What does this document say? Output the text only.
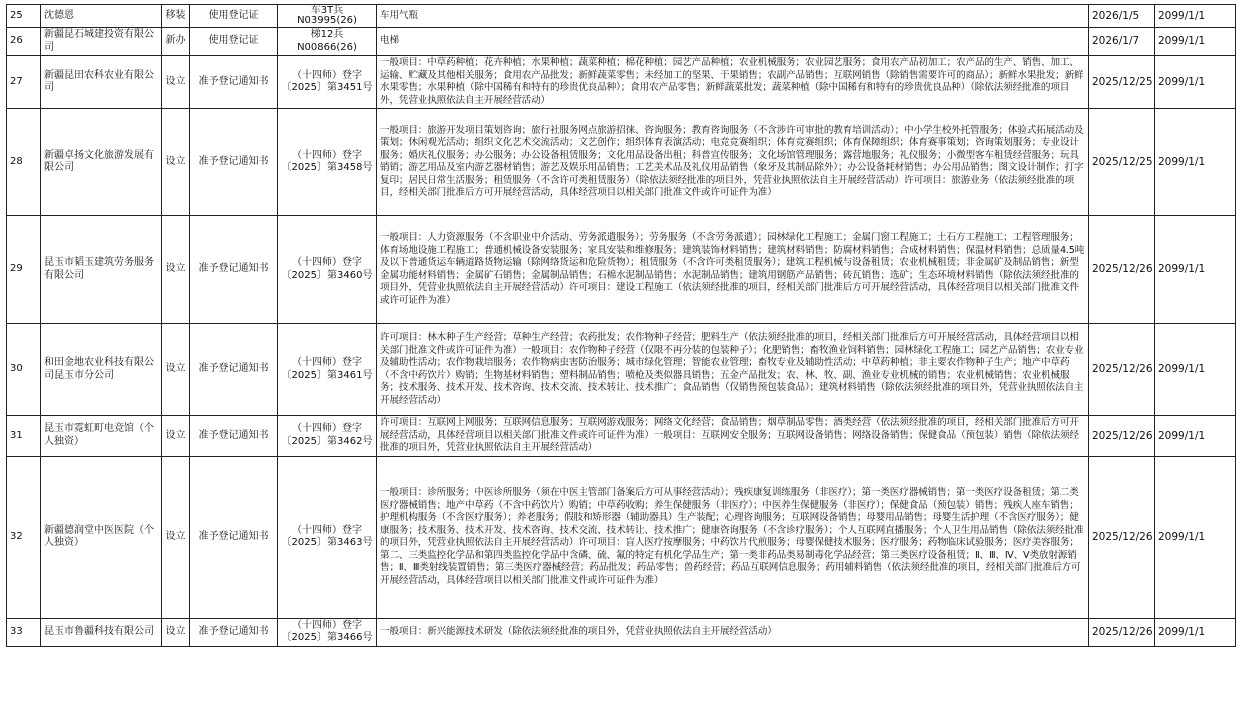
25	沈德恩	移装	使用登记证	车3T兵N03995(26)	车用气瓶	2026/1/5	2099/1/1
26	新疆昆石城建投资有限公司	新办	使用登记证	梯12兵N00866(26)	电梯	2026/1/7	2099/1/1
27	新疆昆田农科农业有限公司	设立	准予登记通知书	（十四师）登字〔2025〕第3451号	一般项目：中草药种植；花卉种植；水果种植；蔬菜种植；棉花种植；园艺产品种植；农业机械服务；农业园艺服务；食用农产品初加工；农产品的生产、销售、加工、运输、贮藏及其他相关服务；食用农产品批发；新鲜蔬菜零售；未经加工的坚果、干果销售；农副产品销售；互联网销售（除销售需要许可的商品）；新鲜水果批发；新鲜水果零售；水果种植（除中国稀有和特有的珍贵优良品种）；食用农产品零售；新鲜蔬菜批发；蔬菜种植（除中国稀有和特有的珍贵优良品种）（除依法须经批准的项目外，凭营业执照依法自主开展经营活动）	2025/12/25	2099/1/1
28	新疆卓扬文化旅游发展有限公司	设立	准予登记通知书	（十四师）登字〔2025〕第3458号	一般项目：旅游开发项目策划咨询；旅行社服务网点旅游招徕、咨询服务；教育咨询服务（不含涉许可审批的教育培训活动）；中小学生校外托管服务；体验式拓展活动及策划；休闲观光活动；组织文化艺术交流活动；文艺创作；组织体育表演活动；电竞竞赛组织；体育竞赛组织；体育保障组织；体育赛事策划；咨询策划服务；专业设计服务；婚庆礼仪服务；办公服务；办公设备租赁服务；文化用品设备出租；科普宣传服务；文化场馆管理服务；露营地服务；礼仪服务；小微型客车租赁经营服务；玩具销销；游艺用品及室内游艺器材销售；游艺及娱乐用品销售；工艺美术品及礼仪用品销售（象牙及其制品除外）；办公设备耗材销售；办公用品销售；图文设计制作；打字复印；居民日常生活服务；租赁服务（不含许可类租赁服务）（除依法须经批准的项目外，凭营业执照依法自主开展经营活动）许可项目：旅游业务（依法须经批准的项目，经相关部门批准后方可开展经营活动，具体经营项目以相关部门批准文件或许可证件为准）	2025/12/25	2099/1/1
29	昆玉市韬玉建筑劳务服务有限公司	设立	准予登记通知书	（十四师）登字〔2025〕第3460号	一般项目：人力资源服务（不含职业中介活动、劳务派遣服务）；劳务服务（不含劳务派遣）；园林绿化工程施工；金属门窗工程施工；土石方工程施工；工程管理服务；体育场地设施工程施工；普通机械设备安装服务；家具安装和维修服务；建筑装饰材料销售；建筑材料销售；防腐材料销售；合成材料销售；保温材料销售；总质量4.5吨及以下普通货运车辆道路货物运输（除网络货运和危险货物）；租赁服务（不含许可类租赁服务）；建筑工程机械与设备租赁；农业机械租赁；非金属矿及制品销售；新型金属功能材料销售；金属矿石销售；金属制品销售；石棉水泥制品销售；水泥制品销售；建筑用钢筋产品销售；砖瓦销售；选矿；生态环境材料销售（除依法须经批准的项目外，凭营业执照依法自主开展经营活动）许可项目：建设工程施工（依法须经批准的项目，经相关部门批准后方可开展经营活动，具体经营项目以相关部门批准文件或许可证件为准）	2025/12/26	2099/1/1
30	和田金地农业科技有限公司昆玉市分公司	设立	准予登记通知书	（十四师）登字〔2025〕第3461号	许可项目：林木种子生产经营；草种生产经营；农药批发；农作物种子经营；肥料生产（依法须经批准的项目，经相关部门批准后方可开展经营活动，具体经营项目以相关部门批准文件或许可证件为准）一般项目：农作物种子经营（仅限不再分装的包装种子）；化肥销售；畜牧渔业饲料销售；园林绿化工程施工；园艺产品销售；农业专业及辅助性活动；农作物栽培服务；农作物病虫害防治服务；城市绿化管理；智能农业管理；畜牧专业及辅助性活动；中草药种植；非主要农作物种子生产；地产中草药（不含中药饮片）购销；生物基材料销售；塑料制品销售；喷枪及类似器具销售；五金产品批发；农、林、牧、副、渔业专业机械的销售；农业机械销售；农业机械服务；技术服务、技术开发、技术咨询、技术交流、技术转让、技术推广；食品销售（仅销售预包装食品）；建筑材料销售（除依法须经批准的项目外，凭营业执照依法自主开展经营活动）	2025/12/26	2099/1/1
31	昆玉市霓虹町电竞馆（个人独资）	设立	准予登记通知书	（十四师）登字〔2025〕第3462号	许可项目：互联网上网服务；互联网信息服务；互联网游戏服务；网络文化经营；食品销售；烟草制品零售；酒类经营（依法须经批准的项目，经相关部门批准后方可开展经营活动，具体经营项目以相关部门批准文件或许可证件为准）一般项目：互联网安全服务；互联网设备销售；网络设备销售；保健食品（预包装）销售（除依法须经批准的项目外，凭营业执照依法自主开展经营活动）	2025/12/26	2099/1/1
32	新疆德润堂中医医院（个人独资）	设立	准予登记通知书	（十四师）登字〔2025〕第3463号	一般项目：诊所服务；中医诊所服务（须在中医主管部门备案后方可从事经营活动）；残疾康复训练服务（非医疗）；第一类医疗器械销售；第一类医疗设备租赁；第二类医疗器械销售；地产中草药（不含中药饮片）购销；中草药收购；养生保健服务（非医疗）；中医养生保健服务（非医疗）；保健食品（预包装）销售；残疾人座车销售；护理机构服务（不含医疗服务）；养老服务；假肢和矫形器（辅助器具）生产装配；心理咨询服务；互联网设备销售；母婴用品销售；母婴生活护理（不含医疗服务）；健康服务；技术服务、技术开发、技术咨询、技术交流、技术转让、技术推广；健康咨询服务（不含诊疗服务）；个人互联网直播服务；个人卫生用品销售（除依法须经批准的项目外，凭营业执照依法自主开展经营活动）许可项目：盲人医疗按摩服务；中药饮片代煎服务；母婴保健技术服务；医疗服务；药物临床试验服务；医疗美容服务；第二、三类监控化学品和第四类监控化学品中含磷、硫、氟的特定有机化学品生产；第一类非药品类易制毒化学品经营；第三类医疗设备租赁；Ⅱ、Ⅲ、Ⅳ、Ⅴ类放射源销售；Ⅱ、Ⅲ类射线装置销售；第三类医疗器械经营；药品批发；药品零售；兽药经营；药品互联网信息服务；药用辅料销售（依法须经批准的项目，经相关部门批准后方可开展经营活动，具体经营项目以相关部门批准文件或许可证件为准）	2025/12/26	2099/1/1
33	昆玉市鲁疆科技有限公司	设立	准予登记通知书	（十四师）登字〔2025〕第3466号	一般项目：新兴能源技术研发（除依法须经批准的项目外，凭营业执照依法自主开展经营活动）	2025/12/26	2099/1/1
